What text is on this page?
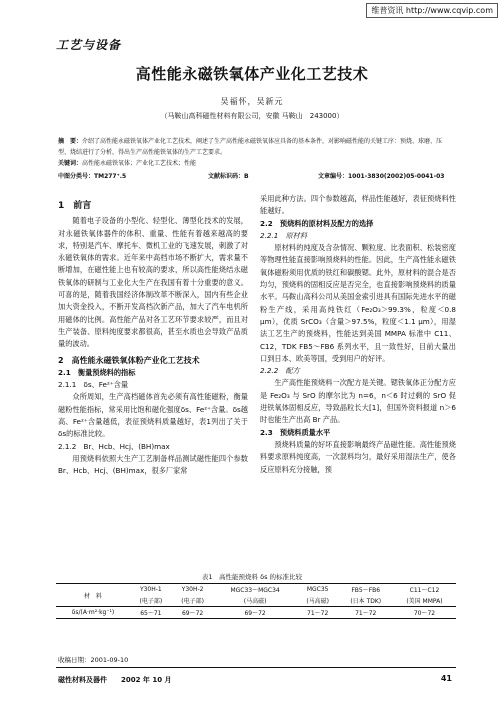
维普资讯 http://www.cqvip.com
工艺与设备
高性能永磁铁氧体产业化工艺技术
吴福怀，吴新元
（马鞍山高科磁性材料有限公司，安徽 马鞍山　243000）
摘　要：介绍了高性能永磁铁氧体产业化工艺技术，阐述了生产高性能永磁铁氧体应具备的基本条件，对影响磁性能的关键工序：预烧、球磨、压型、烧结进行了分析，得出生产高性能铁氧体的生产工艺要求。
关键词：高性能永磁铁氧体；产业化工艺技术；性能
中图分类号：TM277⁺.5	文献标识码：B	文章编号：1001-3830(2002)05-0041-03
1　前言

随着电子设备的小型化、轻型化、薄型化技术的发展，对永磁铁氧体器件的体积、重量、性能有着越来越高的要求，特别是汽车、摩托车、微机工业的飞速发展，刺激了对永磁铁氧体的需求。近年来中高档市场不断扩大，需求量不断增加，在磁性能上也有较高的要求，所以高性能烧结永磁铁氧体的研制与工业化大生产在我国有着十分重要的意义。可喜的是，随着我国经济体制改革不断深入，国内有些企业加大资金投入，不断开发高档次新产品，加大了汽车电机所用磁体的比例。高性能产品对各工艺环节要求较严，而且对生产装备、原料纯度要求都很高，甚至水质也会导致产品质量的波动。

2　高性能永磁铁氧体粉产业化工艺技术
2.1　衡量预烧料的指标
2.1.1　δs、Fe²⁺含量

众所周知，生产高档磁体首先必须有高性能磁粉，衡量磁粉性能指标，常采用比饱和磁化强度δs、Fe²⁺含量。δs越高、Fe²⁺含量越低，表征预烧料质量越好，表1列出了关于δs的标准比较。

2.1.2　Br、Hcb、Hcj、(BH)max

用预烧料依照大生产工艺制备样品测试磁性能四个参数 Br、Hcb、Hcj、(BH)max，很多厂家常

采用此种方法。四个参数越高，样品性能越好，表征预烧料性能越好。
2.2　预烧料的原材料及配方的选择
2.2.1　原材料

原材料的纯度及含杂情况、颗粒度、比表面积、松装密度等物理性能直接影响预烧料的性能。因此，生产高性能永磁铁氧体磁粉须用优质的铁红和碳酸锶。此外，原材料的混合是否均匀，预烧料的固相反应是否完全，也直接影响预烧料的质量水平。马鞍山高科公司从美国金索引进具有国际先进水平的磁粉生产线，采用高纯铁红（Fe₂O₃＞99.3%，粒度＜0.8 μm），优质 SrCO₃（含量＞97.5%，粒度＜1.1 μm），用湿法工艺生产的预烧料，性能达到美国 MMPA 标准中 C11、C12，TDK FB5～FB6 系列水平，且一致性好，目前大量出口到日本、欧美等国，受到用户的好评。

2.2.2　配方

生产高性能预烧料一次配方是关键。锶铁氧体正分配方应是 Fe₂O₃ 与 SrO 的摩尔比为 n=6，n＜6 时过剩的 SrO 促进铁氧体固相反应，导致晶粒长大[1]，但国外资料报道 n＞6 时也能生产出高 Br 产品。

2.3　预烧料质量水平

预烧料质量的好坏直接影响最终产品磁性能。高性能预烧料要求原料纯度高，一次混料均匀，最好采用湿法生产，使各反应原料充分接触，预

表1　高性能预烧料 δs 的标准比较
材　料	Y30H-1	Y30H-2	MGC33～MGC34	MGC35	FB5～FB6	C11～C12
	(电子部)	(电子部)	(马高磁)	(马高磁)	(日本 TDK)	(美国 MMPA)
δs/(A·m²·kg⁻¹)	65～71	69～72	69～72	71～72	71～72	70～72
收稿日期：2001-09-10
磁性材料及器件　　2002 年 10 月	41
